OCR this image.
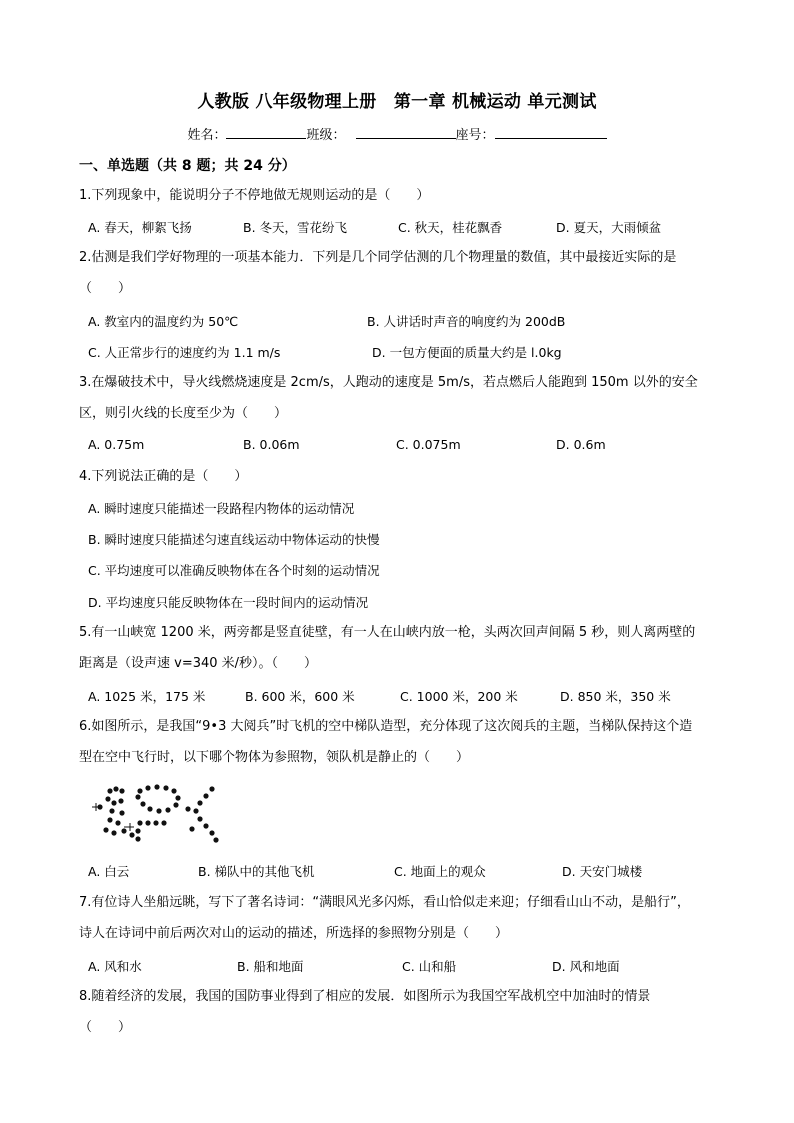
人教版 八年级物理上册　第一章 机械运动 单元测试
姓名：	班级：	座号：
一、单选题（共 8 题；共 24 分）
1.下列现象中，能说明分子不停地做无规则运动的是（　　）
A. 春天，柳絮飞扬	B. 冬天，雪花纷飞	C. 秋天，桂花飘香	D. 夏天，大雨倾盆
2.估测是我们学好物理的一项基本能力．下列是几个同学估测的几个物理量的数值，其中最接近实际的是
（　　）
A. 教室内的温度约为 50℃	B. 人讲话时声音的响度约为 200dB
C. 人正常步行的速度约为 1.1 m/s	D. 一包方便面的质量大约是 l.0kg
3.在爆破技术中，导火线燃烧速度是 2cm/s，人跑动的速度是 5m/s，若点燃后人能跑到 150m 以外的安全
区，则引火线的长度至少为（　　）
A. 0.75m	B. 0.06m	C. 0.075m	D. 0.6m
4.下列说法正确的是（　　）
A. 瞬时速度只能描述一段路程内物体的运动情况
B. 瞬时速度只能描述匀速直线运动中物体运动的快慢
C. 平均速度可以准确反映物体在各个时刻的运动情况
D. 平均速度只能反映物体在一段时间内的运动情况
5.有一山峡宽 1200 米，两旁都是竖直徒壁，有一人在山峡内放一枪，头两次回声间隔 5 秒，则人离两壁的
距离是（设声速 v=340 米/秒）。（　　）
A. 1025 米，175 米	B. 600 米，600 米	C. 1000 米，200 米	D. 850 米，350 米
6.如图所示，是我国“9•3 大阅兵”时飞机的空中梯队造型，充分体现了这次阅兵的主题，当梯队保持这个造
型在空中飞行时，以下哪个物体为参照物，领队机是静止的（　　）
A. 白云	B. 梯队中的其他飞机	C. 地面上的观众	D. 天安门城楼
7.有位诗人坐船远眺，写下了著名诗词：“满眼风光多闪烁，看山恰似走来迎；仔细看山山不动，是船行”，
诗人在诗词中前后两次对山的运动的描述，所选择的参照物分别是（　　）
A. 风和水	B. 船和地面	C. 山和船	D. 风和地面
8.随着经济的发展，我国的国防事业得到了相应的发展．如图所示为我国空军战机空中加油时的情景
（　　）
